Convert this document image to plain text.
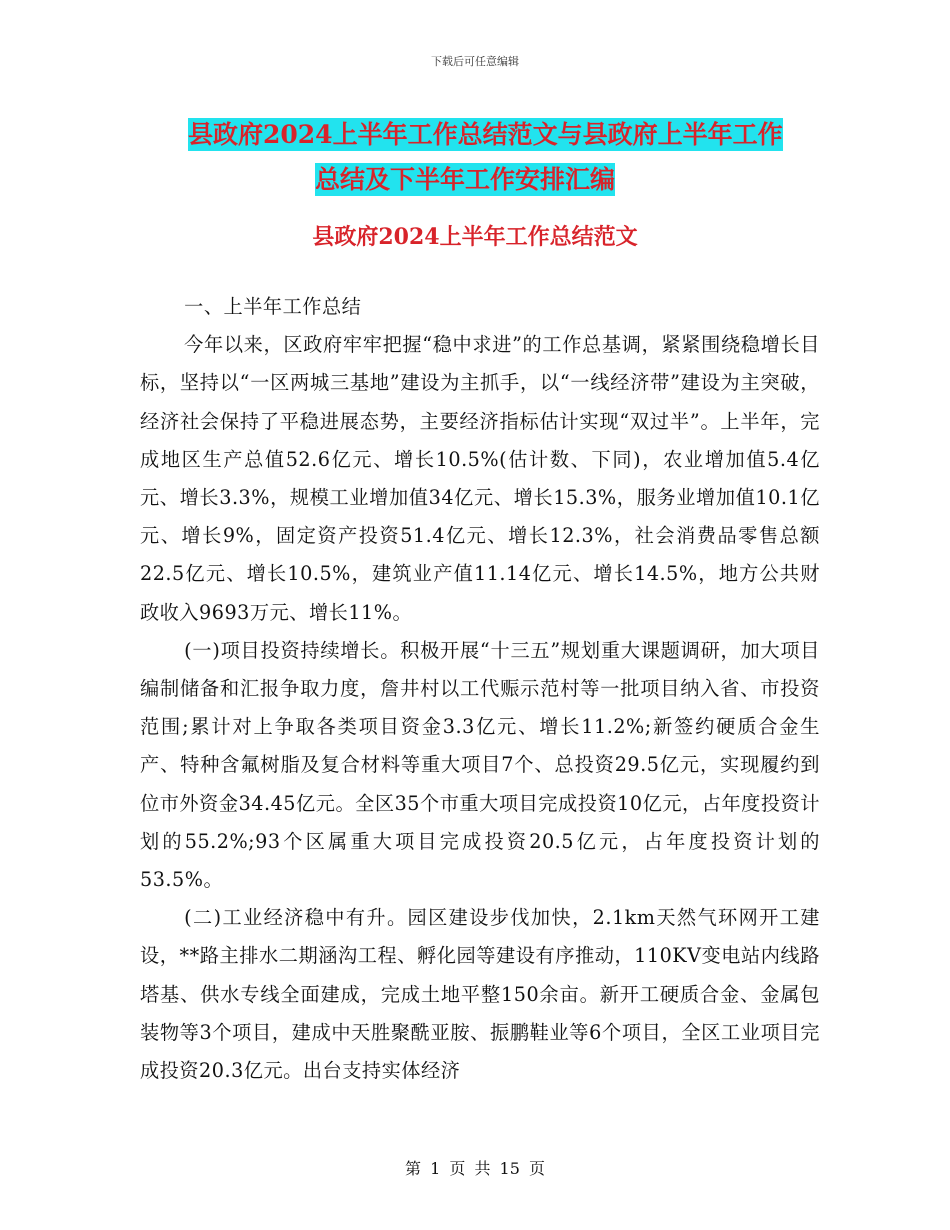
下载后可任意编辑
县政府2024上半年工作总结范文与县政府上半年工作
总结及下半年工作安排汇编
县政府2024上半年工作总结范文

一、上半年工作总结

今年以来，区政府牢牢把握“稳中求进”的工作总基调，紧紧围绕稳增长目标，坚持以“一区两城三基地”建设为主抓手，以“一线经济带”建设为主突破，经济社会保持了平稳进展态势，主要经济指标估计实现“双过半”。上半年，完成地区生产总值52.6亿元、增长10.5%(估计数、下同)，农业增加值5.4亿元、增长3.3%，规模工业增加值34亿元、增长15.3%，服务业增加值10.1亿元、增长9%，固定资产投资51.4亿元、增长12.3%，社会消费品零售总额22.5亿元、增长10.5%，建筑业产值11.14亿元、增长14.5%，地方公共财政收入9693万元、增长11%。

(一)项目投资持续增长。积极开展“十三五”规划重大课题调研，加大项目编制储备和汇报争取力度，詹井村以工代赈示范村等一批项目纳入省、市投资范围;累计对上争取各类项目资金3.3亿元、增长11.2%;新签约硬质合金生产、特种含氟树脂及复合材料等重大项目7个、总投资29.5亿元，实现履约到位市外资金34.45亿元。全区35个市重大项目完成投资10亿元，占年度投资计划的55.2%;93个区属重大项目完成投资20.5亿元，占年度投资计划的53.5%。

(二)工业经济稳中有升。园区建设步伐加快，2.1km天然气环网开工建设，**路主排水二期涵沟工程、孵化园等建设有序推动，110KV变电站内线路塔基、供水专线全面建成，完成土地平整150余亩。新开工硬质合金、金属包装物等3个项目，建成中天胜聚酰亚胺、振鹏鞋业等6个项目，全区工业项目完成投资20.3亿元。出台支持实体经济

第 1 页 共 15 页
